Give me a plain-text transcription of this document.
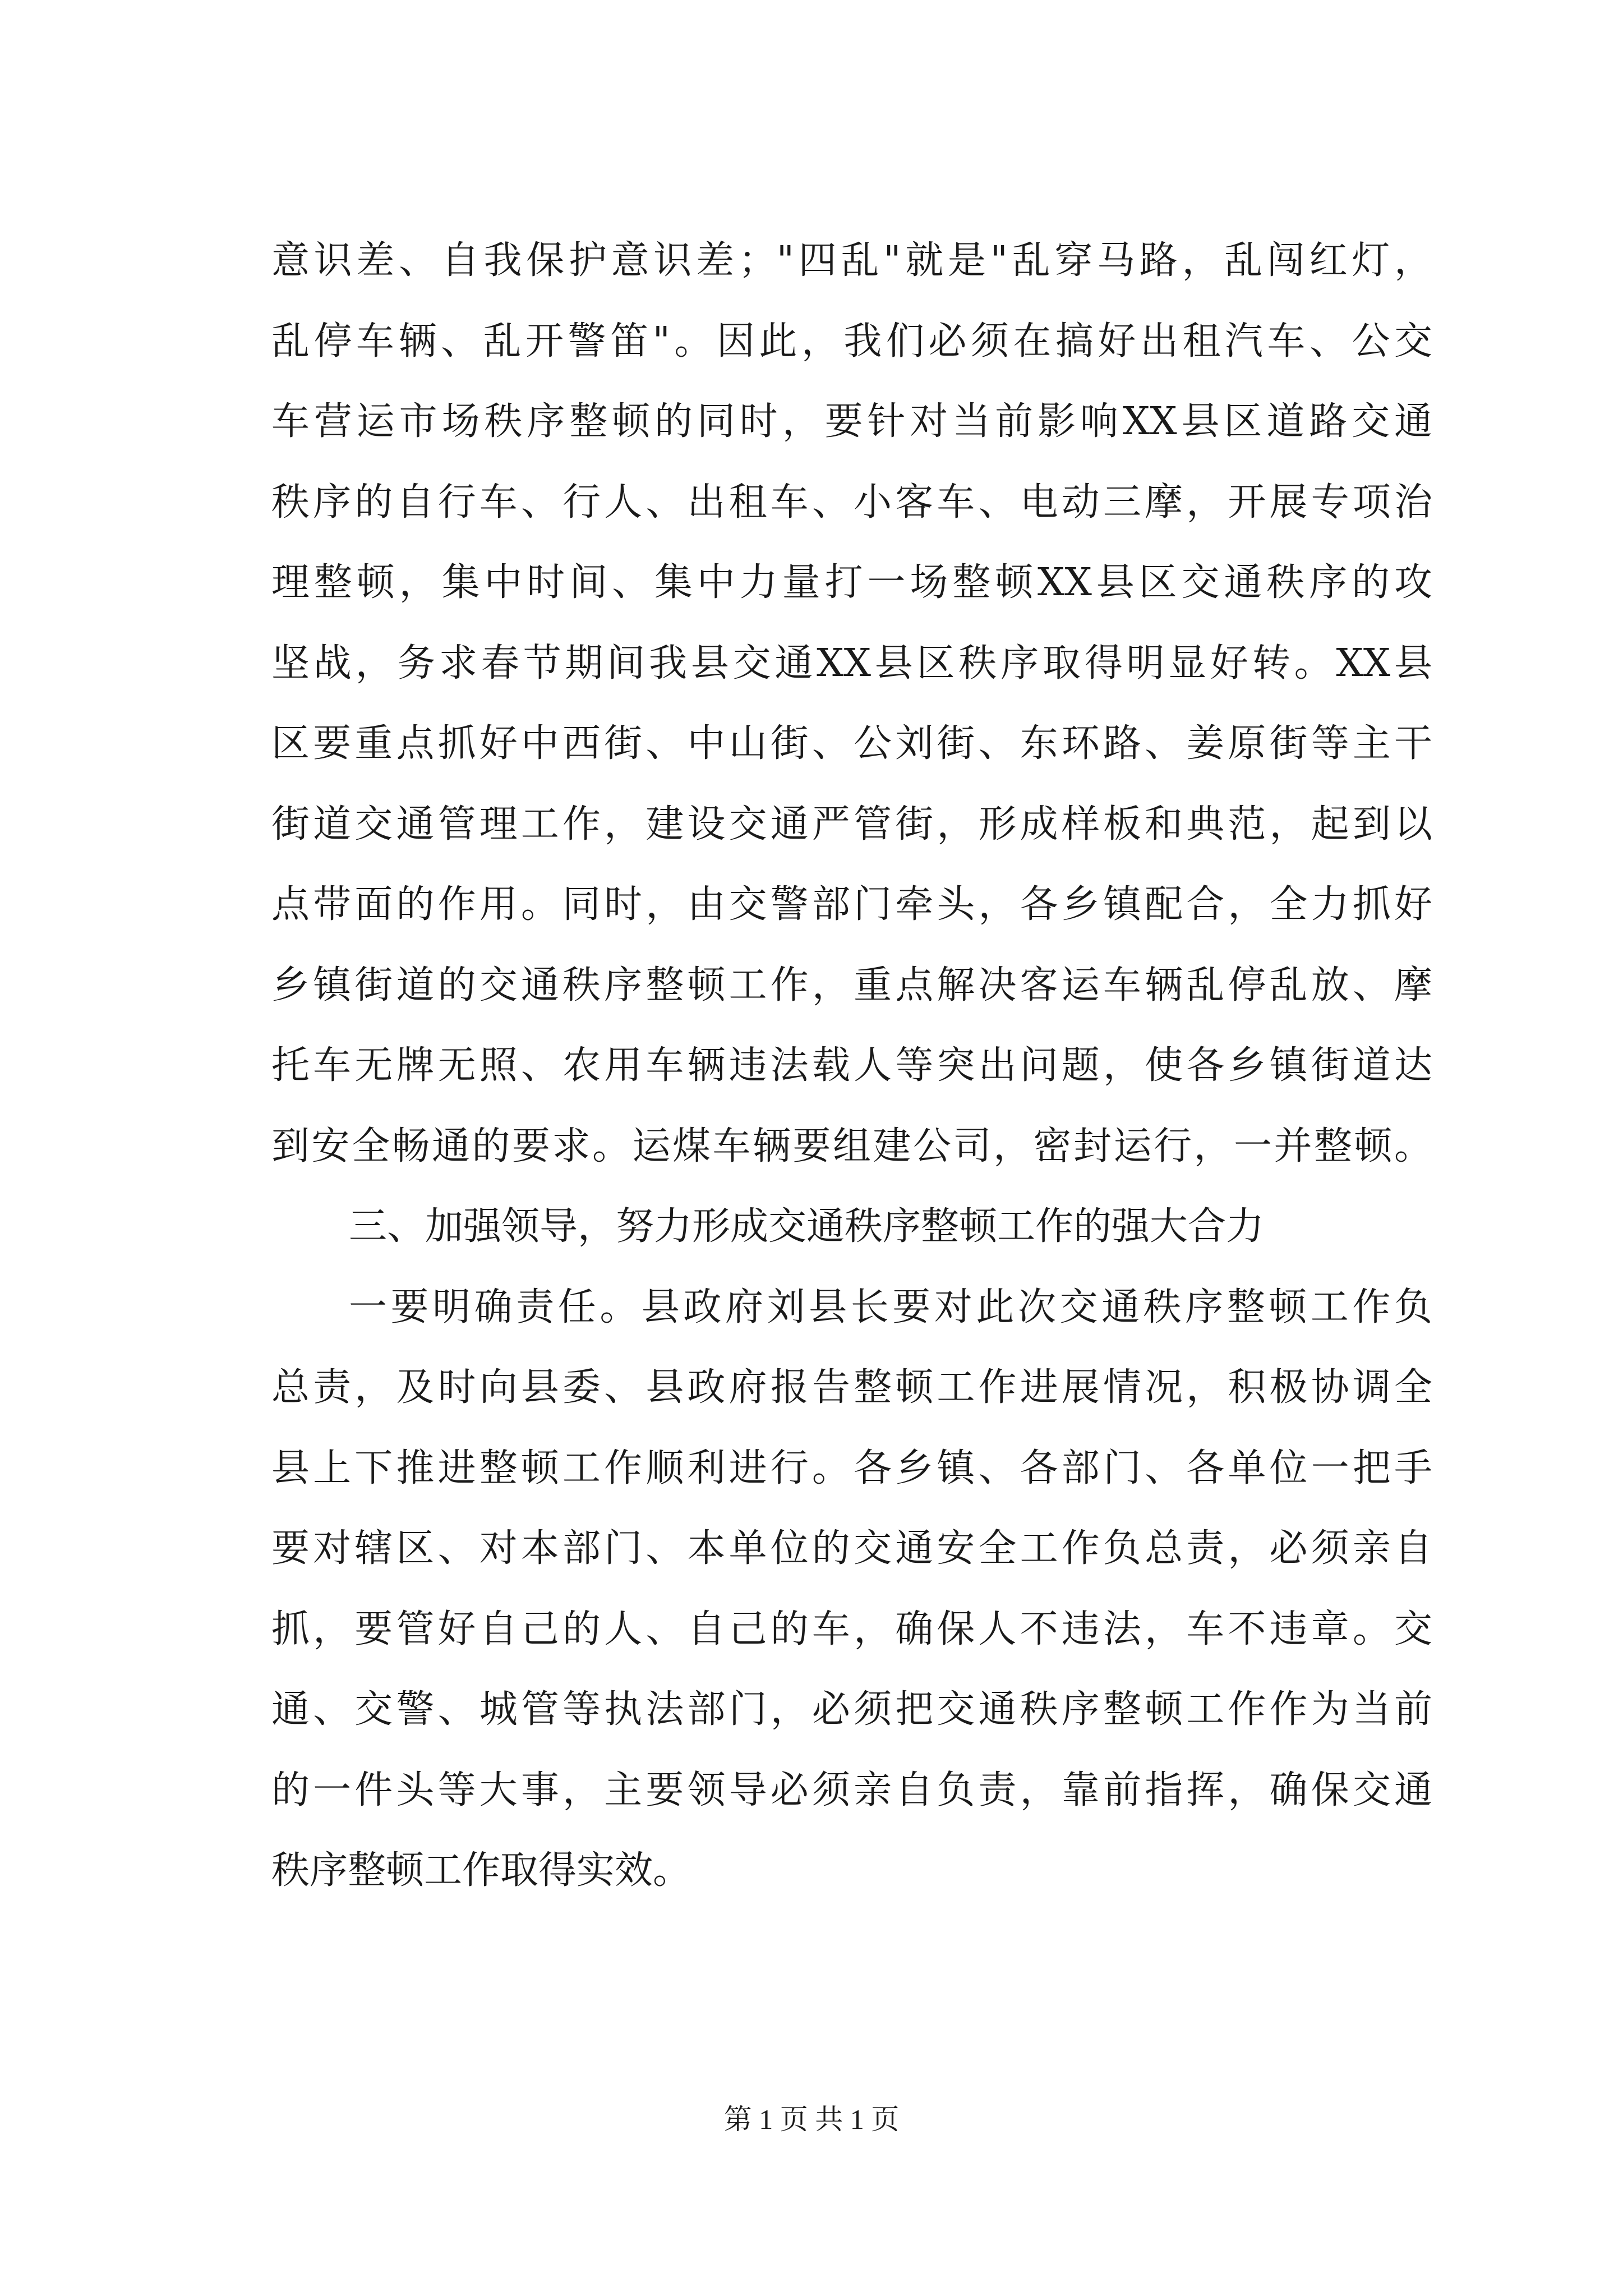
意识差、自我保护意识差；"四乱"就是"乱穿马路，乱闯红灯，
乱停车辆、乱开警笛"。因此，我们必须在搞好出租汽车、公交
车营运市场秩序整顿的同时，要针对当前影响XX县区道路交通
秩序的自行车、行人、出租车、小客车、电动三摩，开展专项治
理整顿，集中时间、集中力量打一场整顿XX县区交通秩序的攻
坚战，务求春节期间我县交通XX县区秩序取得明显好转。XX县
区要重点抓好中西街、中山街、公刘街、东环路、姜原街等主干
街道交通管理工作，建设交通严管街，形成样板和典范，起到以
点带面的作用。同时，由交警部门牵头，各乡镇配合，全力抓好
乡镇街道的交通秩序整顿工作，重点解决客运车辆乱停乱放、摩
托车无牌无照、农用车辆违法载人等突出问题，使各乡镇街道达
到安全畅通的要求。运煤车辆要组建公司，密封运行，一并整顿。
三、加强领导，努力形成交通秩序整顿工作的强大合力
一要明确责任。县政府刘县长要对此次交通秩序整顿工作负
总责，及时向县委、县政府报告整顿工作进展情况，积极协调全
县上下推进整顿工作顺利进行。各乡镇、各部门、各单位一把手
要对辖区、对本部门、本单位的交通安全工作负总责，必须亲自
抓，要管好自己的人、自己的车，确保人不违法，车不违章。交
通、交警、城管等执法部门，必须把交通秩序整顿工作作为当前
的一件头等大事，主要领导必须亲自负责，靠前指挥，确保交通
秩序整顿工作取得实效。
第 1 页 共 1 页
